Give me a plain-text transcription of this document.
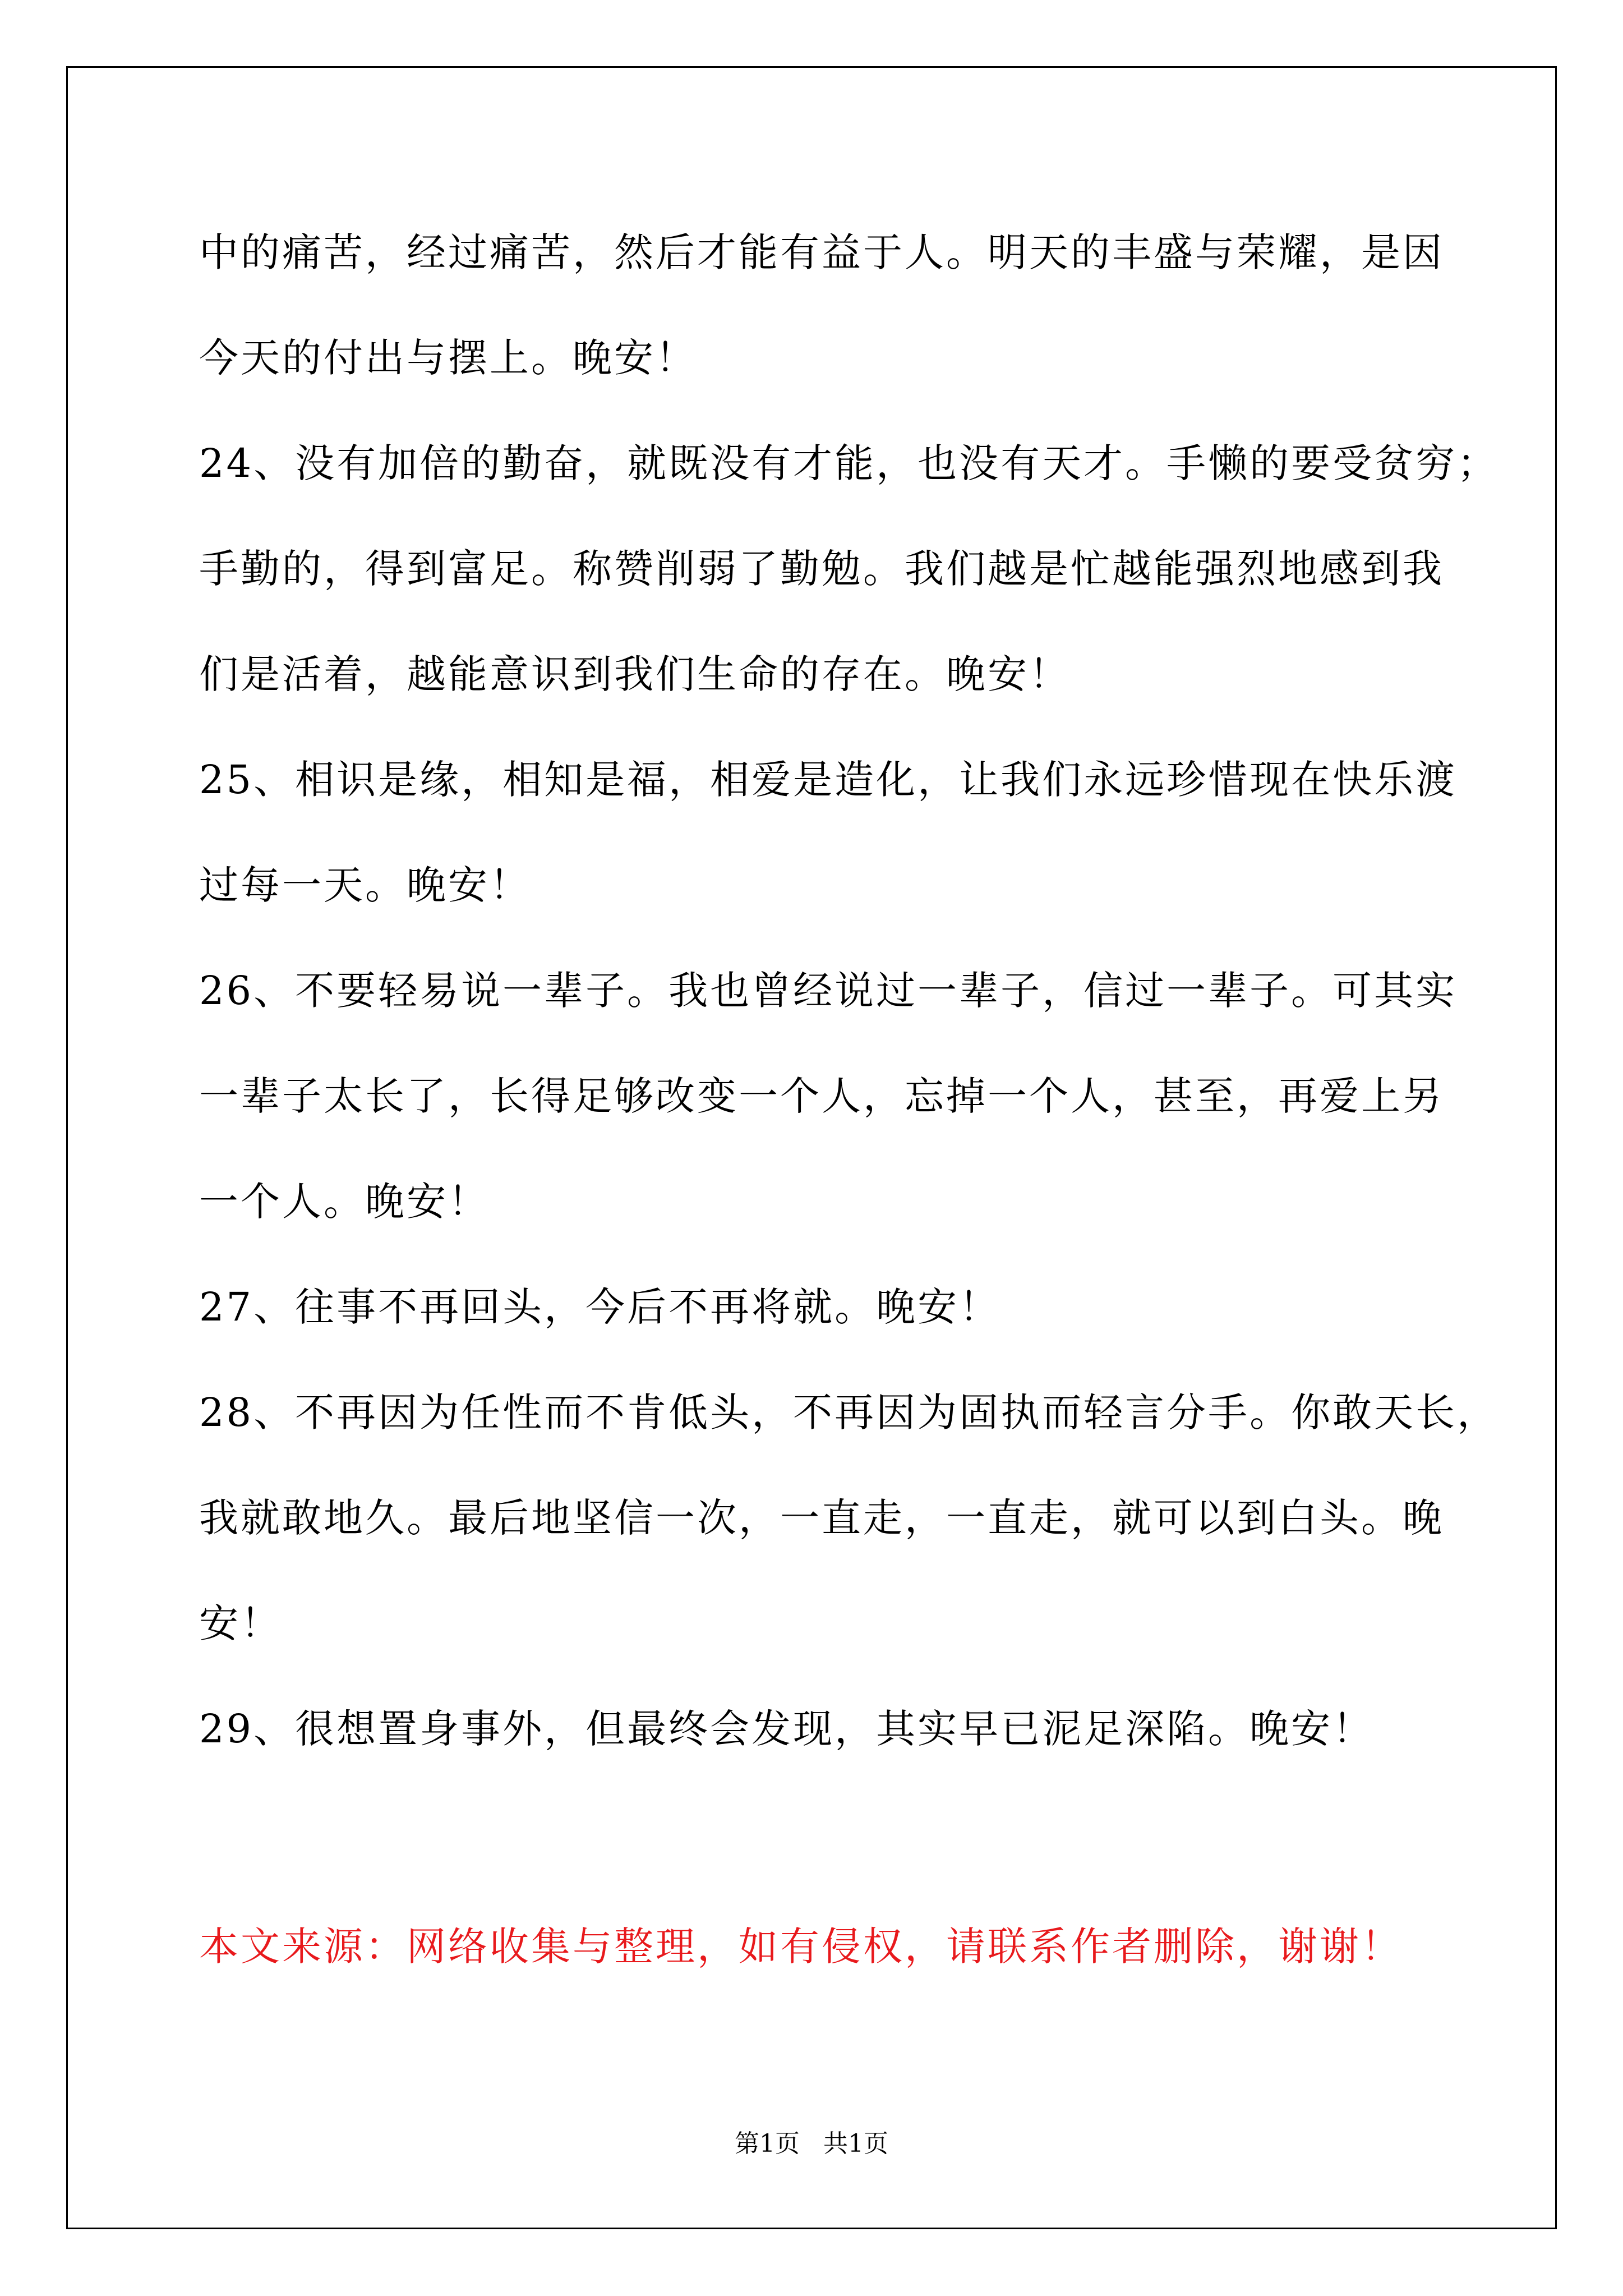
中的痛苦，经过痛苦，然后才能有益于人。明天的丰盛与荣耀，是因
今天的付出与摆上。晚安！
24、没有加倍的勤奋，就既没有才能，也没有天才。手懒的要受贫穷；
手勤的，得到富足。称赞削弱了勤勉。我们越是忙越能强烈地感到我
们是活着，越能意识到我们生命的存在。晚安！
25、相识是缘，相知是福，相爱是造化，让我们永远珍惜现在快乐渡
过每一天。晚安！
26、不要轻易说一辈子。我也曾经说过一辈子，信过一辈子。可其实
一辈子太长了，长得足够改变一个人，忘掉一个人，甚至，再爱上另
一个人。晚安！
27、往事不再回头，今后不再将就。晚安！
28、不再因为任性而不肯低头，不再因为固执而轻言分手。你敢天长，
我就敢地久。最后地坚信一次，一直走，一直走，就可以到白头。晚
安！
29、很想置身事外，但最终会发现，其实早已泥足深陷。晚安！
本文来源：网络收集与整理，如有侵权，请联系作者删除，谢谢！
第1页   共1页
